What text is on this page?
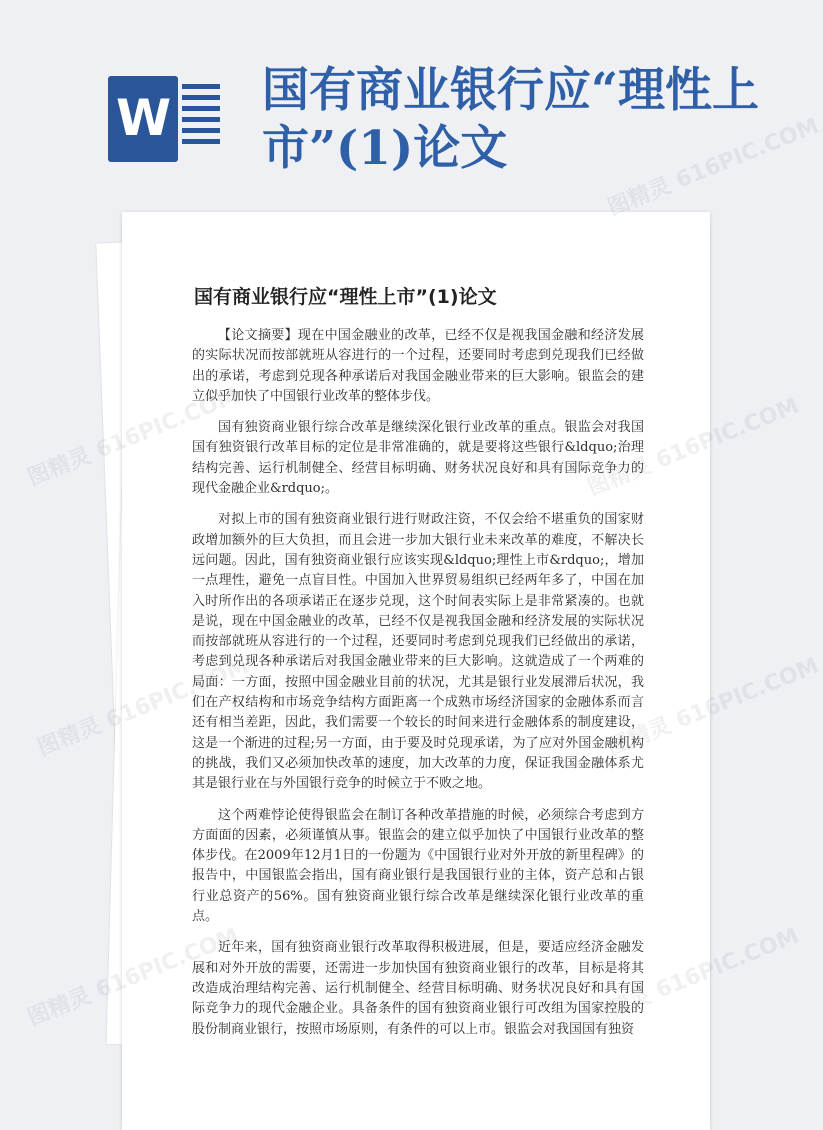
W 国有商业银行应“理性上市”(1)论文
国有商业银行应“理性上市”(1)论文

【论文摘要】现在中国金融业的改革，已经不仅是视我国金融和经济发展的实际状况而按部就班从容进行的一个过程，还要同时考虑到兑现我们已经做出的承诺，考虑到兑现各种承诺后对我国金融业带来的巨大影响。银监会的建立似乎加快了中国银行业改革的整体步伐。

国有独资商业银行综合改革是继续深化银行业改革的重点。银监会对我国国有独资银行改革目标的定位是非常准确的，就是要将这些银行&ldquo;治理结构完善、运行机制健全、经营目标明确、财务状况良好和具有国际竞争力的现代金融企业&rdquo;。

对拟上市的国有独资商业银行进行财政注资，不仅会给不堪重负的国家财政增加额外的巨大负担，而且会进一步加大银行业未来改革的难度，不解决长远问题。因此，国有独资商业银行应该实现&ldquo;理性上市&rdquo;，增加一点理性，避免一点盲目性。中国加入世界贸易组织已经两年多了，中国在加入时所作出的各项承诺正在逐步兑现，这个时间表实际上是非常紧凑的。也就是说，现在中国金融业的改革，已经不仅是视我国金融和经济发展的实际状况而按部就班从容进行的一个过程，还要同时考虑到兑现我们已经做出的承诺，考虑到兑现各种承诺后对我国金融业带来的巨大影响。这就造成了一个两难的局面：一方面，按照中国金融业目前的状况，尤其是银行业发展滞后状况，我们在产权结构和市场竞争结构方面距离一个成熟市场经济国家的金融体系而言还有相当差距，因此，我们需要一个较长的时间来进行金融体系的制度建设，这是一个渐进的过程;另一方面，由于要及时兑现承诺，为了应对外国金融机构的挑战，我们又必须加快改革的速度，加大改革的力度，保证我国金融体系尤其是银行业在与外国银行竞争的时候立于不败之地。

这个两难悖论使得银监会在制订各种改革措施的时候，必须综合考虑到方方面面的因素，必须谨慎从事。银监会的建立似乎加快了中国银行业改革的整体步伐。在2009年12月1日的一份题为《中国银行业对外开放的新里程碑》的报告中，中国银监会指出，国有商业银行是我国银行业的主体，资产总和占银行业总资产的56%。国有独资商业银行综合改革是继续深化银行业改革的重点。

近年来，国有独资商业银行改革取得积极进展，但是，要适应经济金融发展和对外开放的需要，还需进一步加快国有独资商业银行的改革，目标是将其改造成治理结构完善、运行机制健全、经营目标明确、财务状况良好和具有国际竞争力的现代金融企业。具备条件的国有独资商业银行可改组为国家控股的股份制商业银行，按照市场原则，有条件的可以上市。银监会对我国国有独资

图精灵 616PIC.COM
图精灵	616PIC.COM
图精灵	图精灵 616PIC.COM
图精灵
616PIC.COM
